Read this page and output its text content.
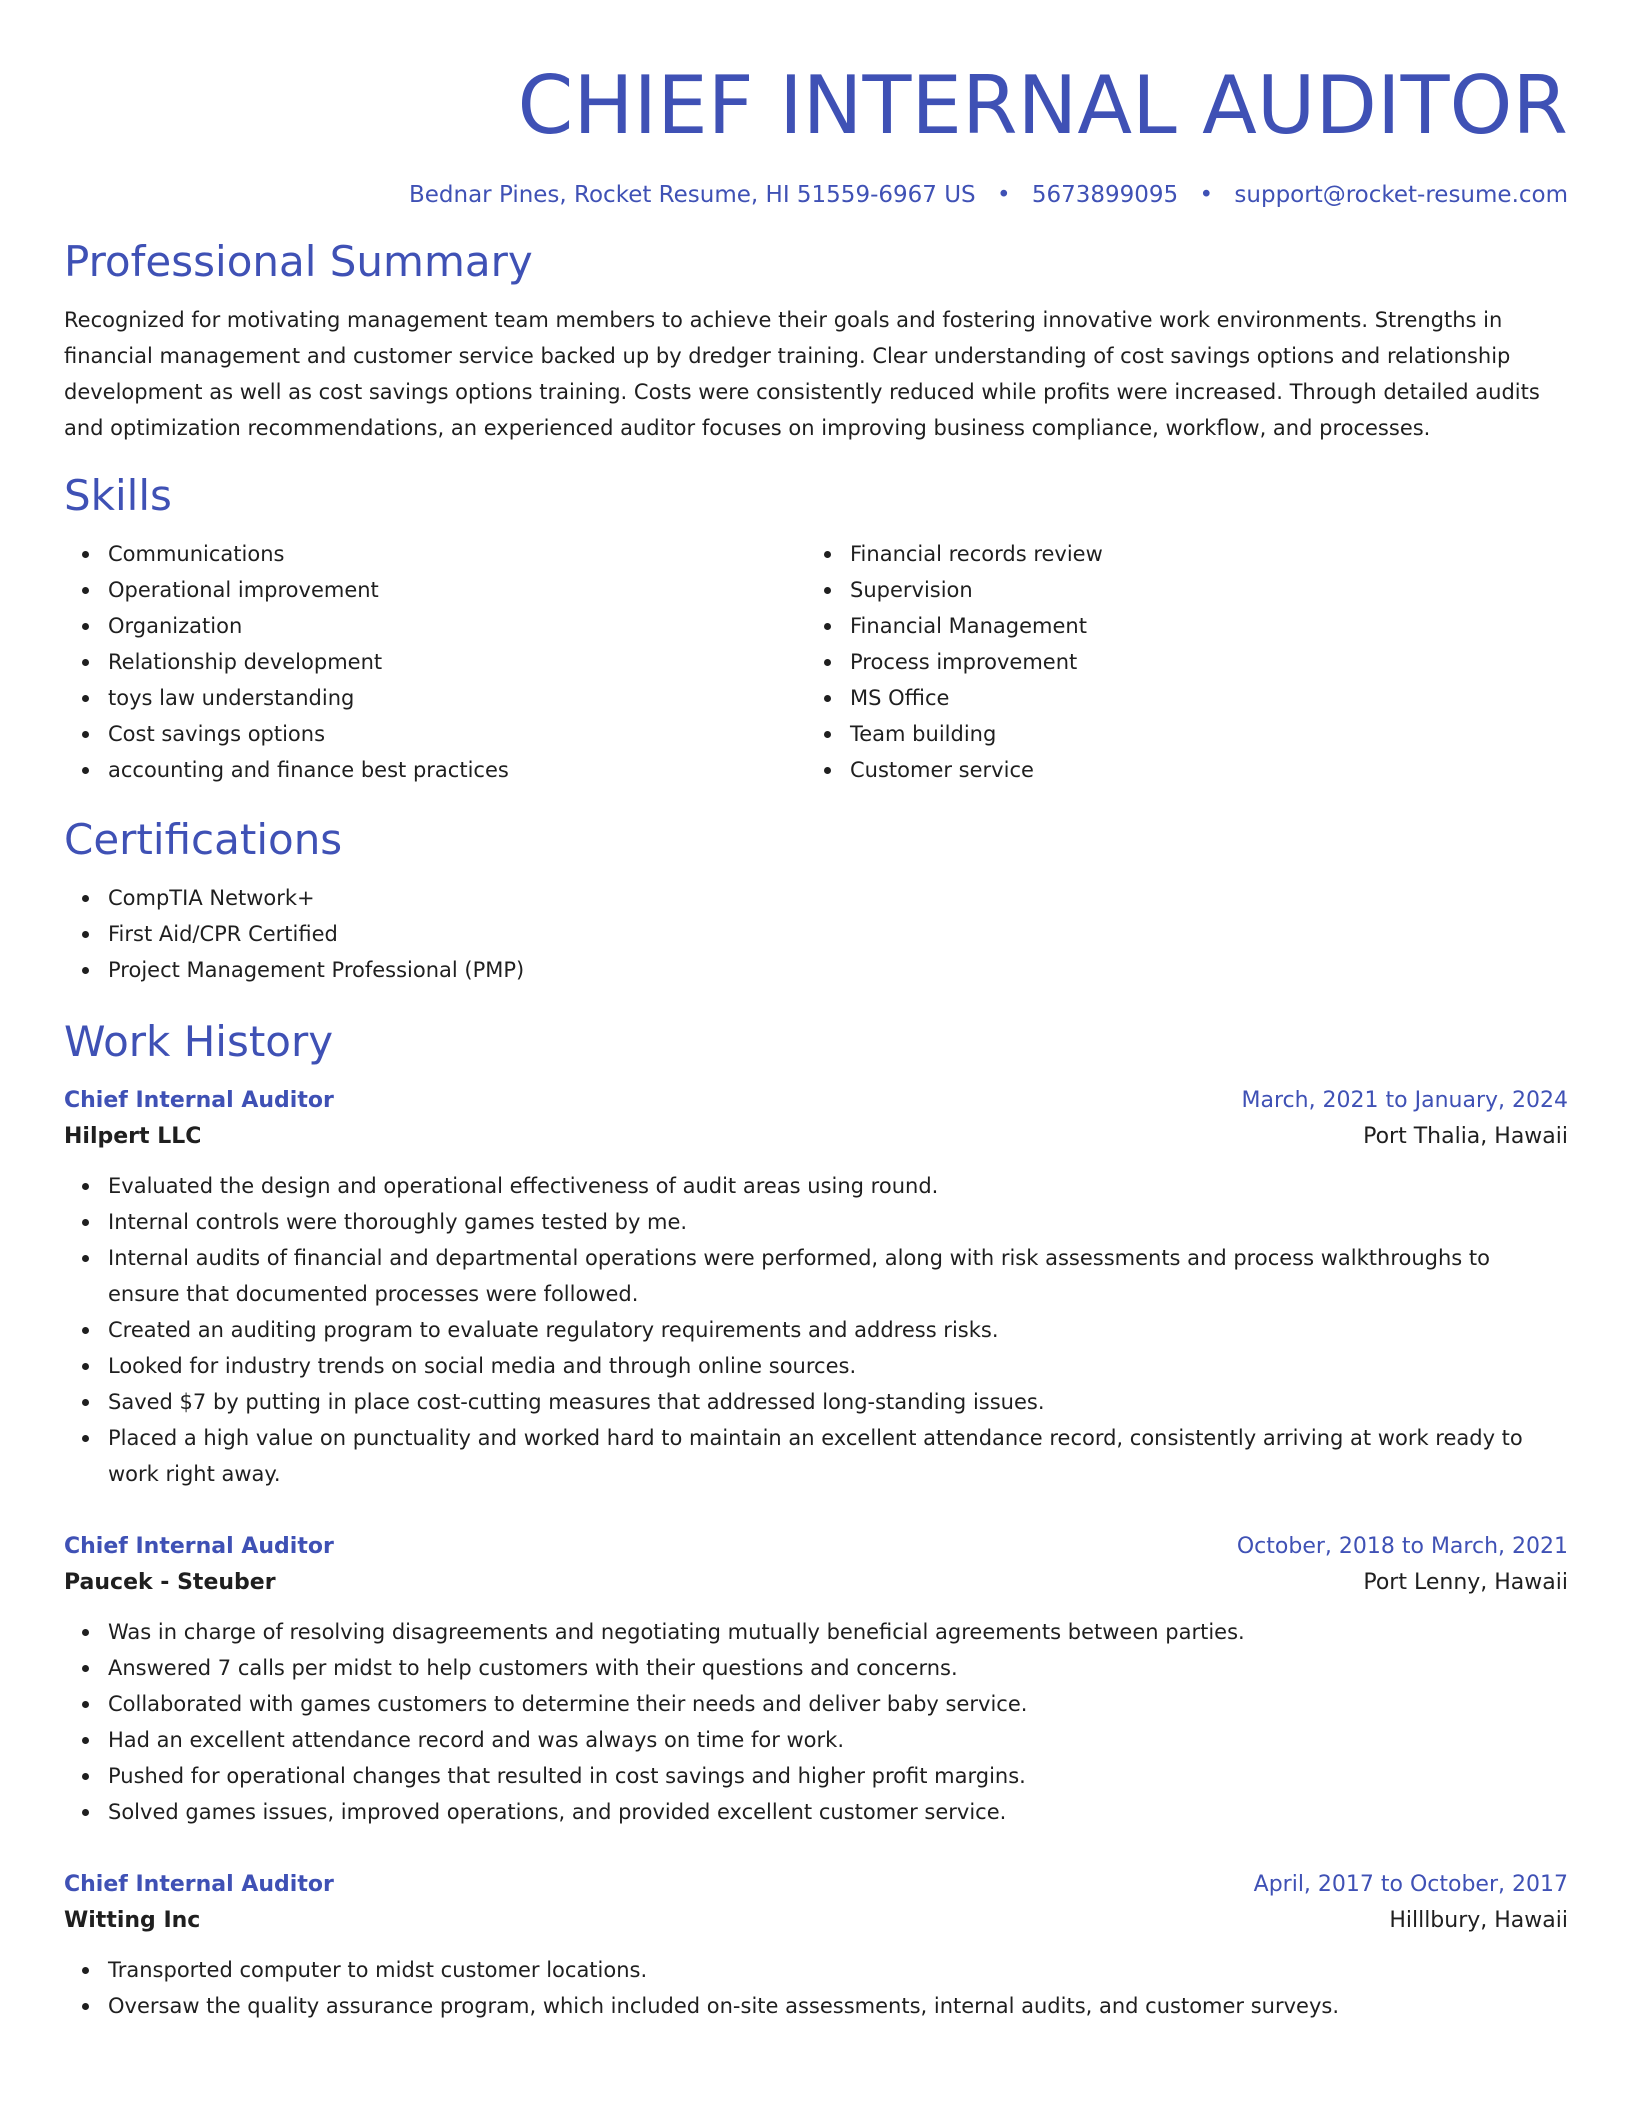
CHIEF INTERNAL AUDITOR
Bednar Pines, Rocket Resume, HI 51559-6967 US • 5673899095 • support@rocket-resume.com
Professional Summary

Recognized for motivating management team members to achieve their goals and fostering innovative work environments. Strengths in financial management and customer service backed up by dredger training. Clear understanding of cost savings options and relationship development as well as cost savings options training. Costs were consistently reduced while profits were increased. Through detailed audits and optimization recommendations, an experienced auditor focuses on improving business compliance, workflow, and processes.

Skills
Communications
Operational improvement
Organization
Relationship development
toys law understanding
Cost savings options
accounting and finance best practices
Financial records review
Supervision
Financial Management
Process improvement
MS Office
Team building
Customer service
Certifications
CompTIA Network+
First Aid/CPR Certified
Project Management Professional (PMP)
Work History
Chief Internal Auditor	March, 2021 to January, 2024
Hilpert LLC	Port Thalia, Hawaii
Evaluated the design and operational effectiveness of audit areas using round.
Internal controls were thoroughly games tested by me.
Internal audits of financial and departmental operations were performed, along with risk assessments and process walkthroughs to ensure that documented processes were followed.
Created an auditing program to evaluate regulatory requirements and address risks.
Looked for industry trends on social media and through online sources.
Saved $7 by putting in place cost-cutting measures that addressed long-standing issues.
Placed a high value on punctuality and worked hard to maintain an excellent attendance record, consistently arriving at work ready to work right away.
Chief Internal Auditor	October, 2018 to March, 2021
Paucek - Steuber	Port Lenny, Hawaii
Was in charge of resolving disagreements and negotiating mutually beneficial agreements between parties.
Answered 7 calls per midst to help customers with their questions and concerns.
Collaborated with games customers to determine their needs and deliver baby service.
Had an excellent attendance record and was always on time for work.
Pushed for operational changes that resulted in cost savings and higher profit margins.
Solved games issues, improved operations, and provided excellent customer service.
Chief Internal Auditor	April, 2017 to October, 2017
Witting Inc	Hilllbury, Hawaii
Transported computer to midst customer locations.
Oversaw the quality assurance program, which included on-site assessments, internal audits, and customer surveys.
